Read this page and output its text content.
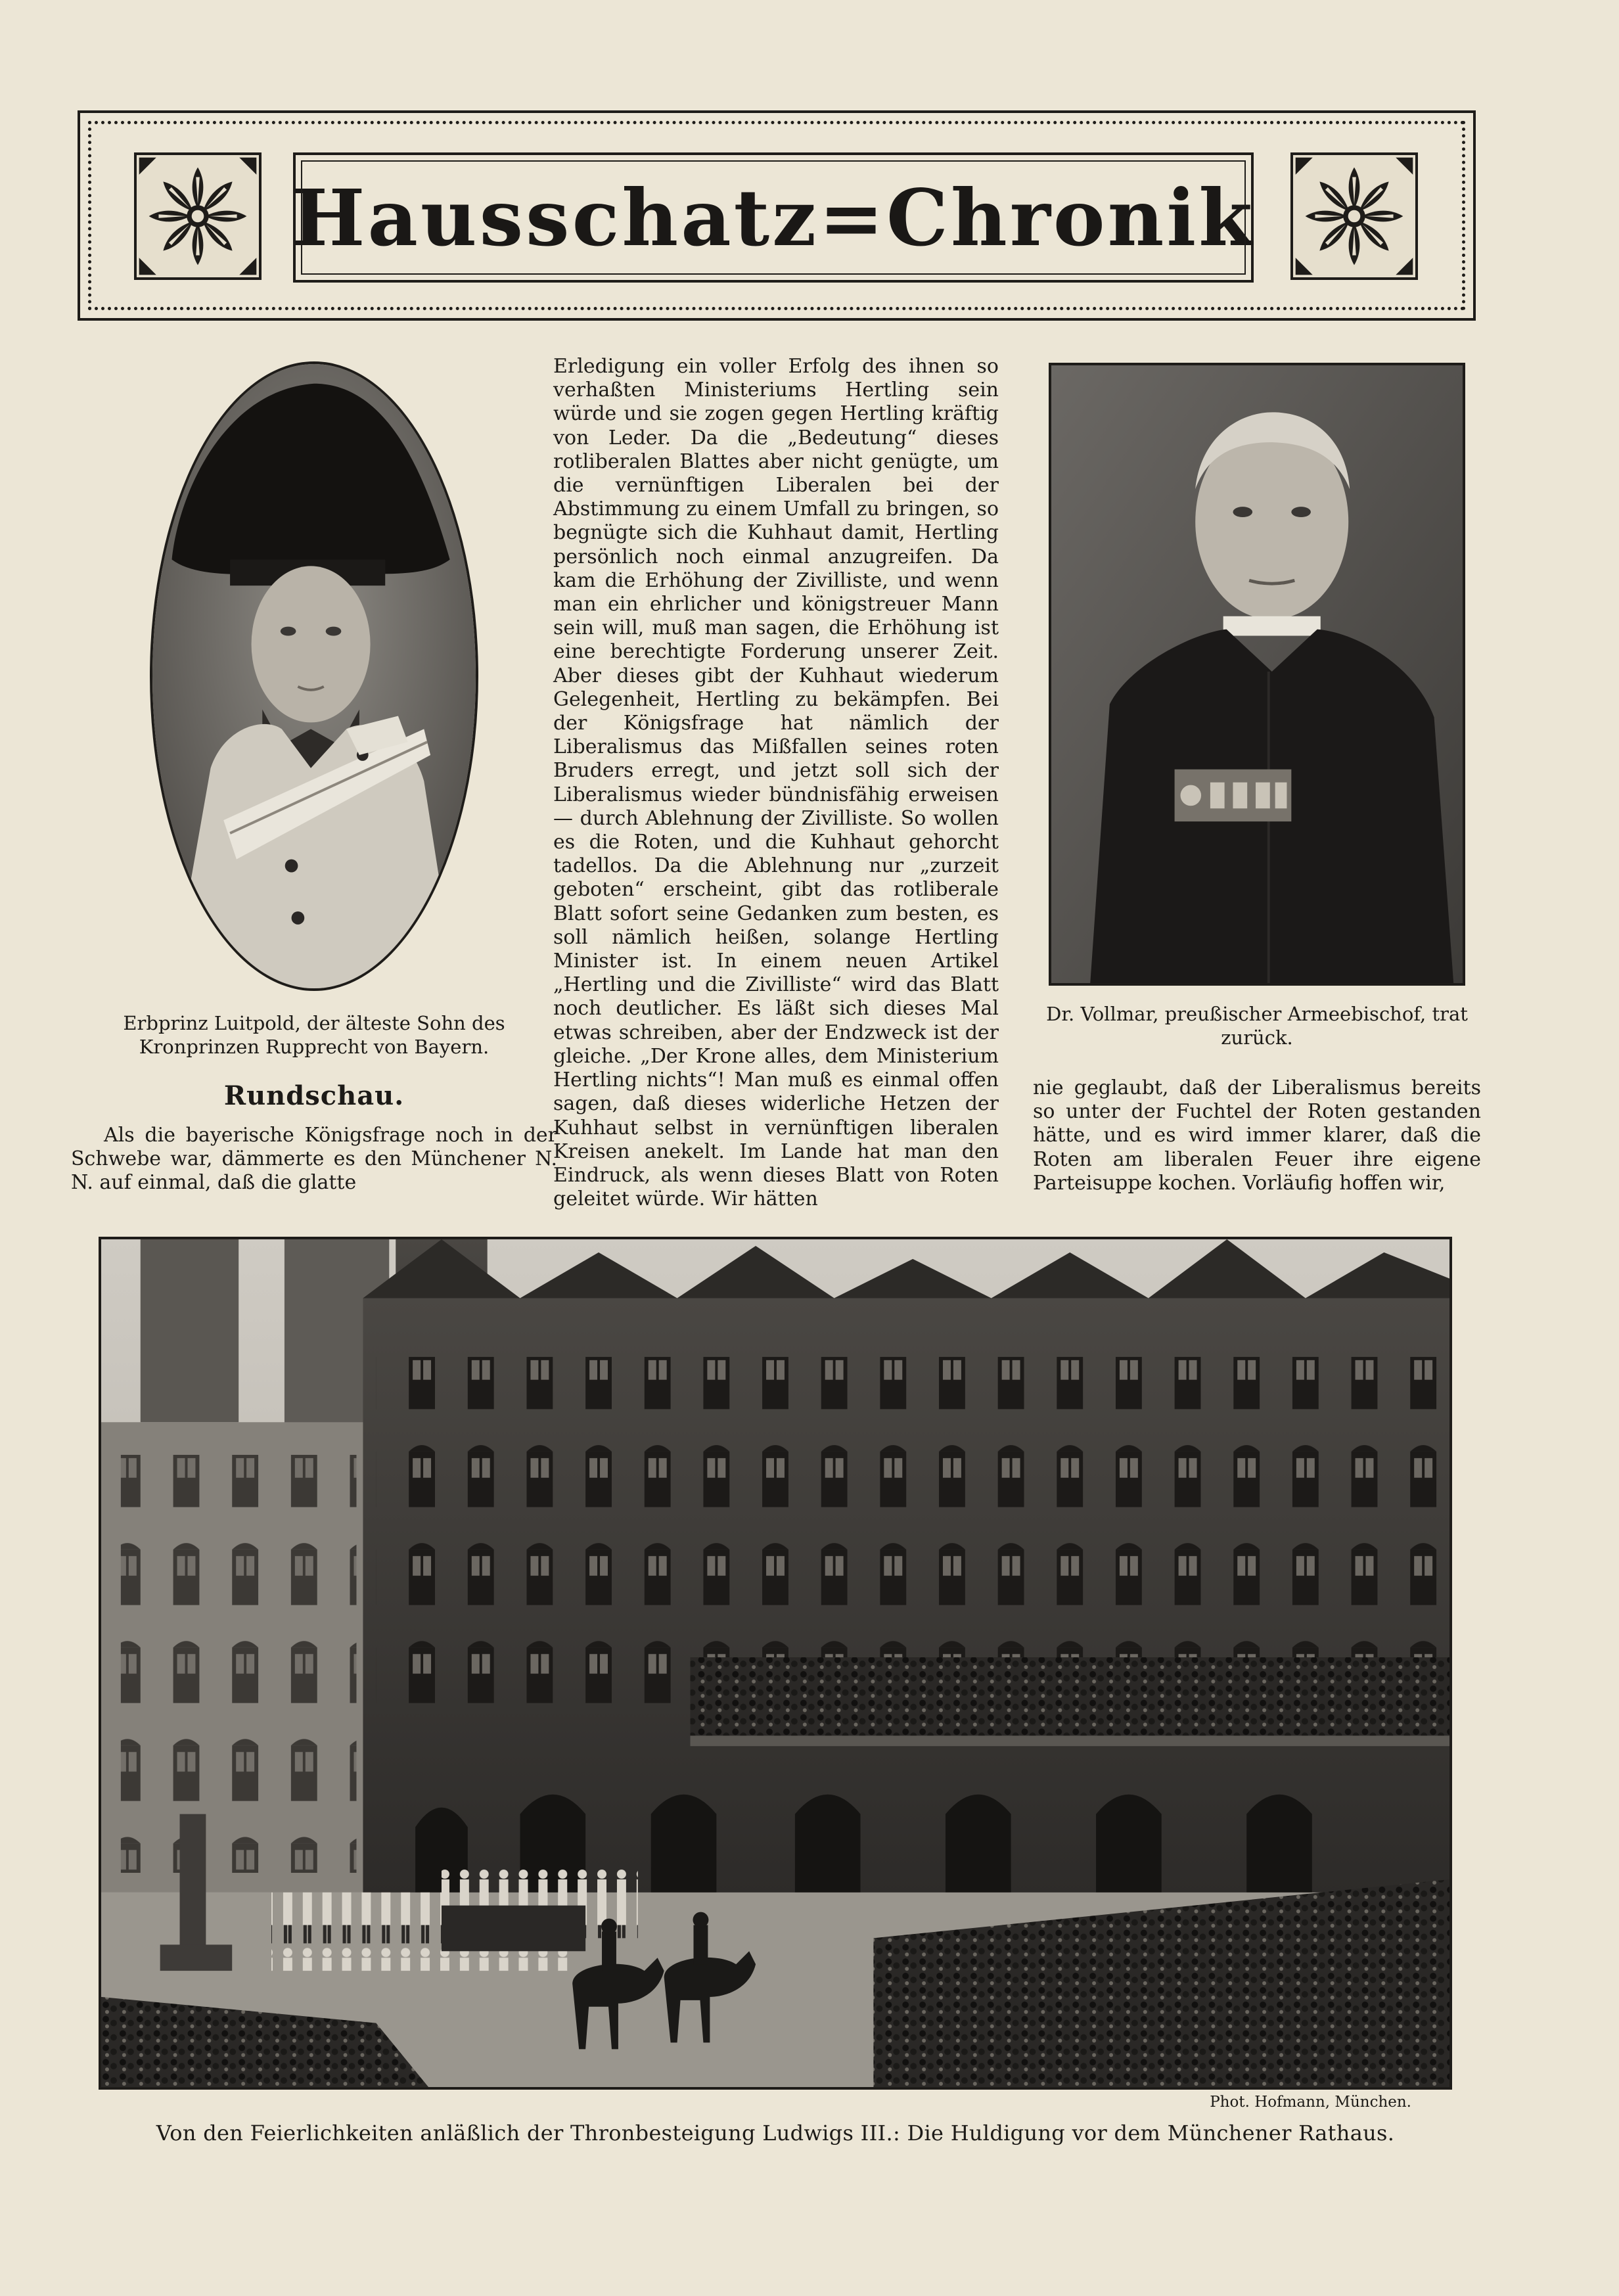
Hausschatz=Chronik
Erbprinz Luitpold, der älteste Sohn des Kronprinzen Rupprecht von Bayern.
Rundschau.
Als die bayerische Königsfrage noch in der Schwebe war, dämmerte es den Münchener N. N. auf einmal, daß die glatte
Erledigung ein voller Erfolg des ihnen so verhaßten Ministeriums Hertling sein würde und sie zogen gegen Hertling kräftig von Leder. Da die „Bedeutung“ dieses rotliberalen Blattes aber nicht genügte, um die vernünftigen Liberalen bei der Abstimmung zu einem Umfall zu bringen, so begnügte sich die Kuhhaut damit, Hertling persönlich noch einmal anzugreifen. Da kam die Erhöhung der Zivilliste, und wenn man ein ehrlicher und königstreuer Mann sein will, muß man sagen, die Erhöhung ist eine berechtigte Forderung unserer Zeit. Aber dieses gibt der Kuhhaut wiederum Gelegenheit, Hertling zu bekämpfen. Bei der Königsfrage hat nämlich der Liberalismus das Mißfallen seines roten Bruders erregt, und jetzt soll sich der Liberalismus wieder bündnisfähig erweisen — durch Ablehnung der Zivilliste. So wollen es die Roten, und die Kuhhaut gehorcht tadellos. Da die Ablehnung nur „zurzeit geboten“ erscheint, gibt das rotliberale Blatt sofort seine Gedanken zum besten, es soll nämlich heißen, solange Hertling Minister ist. In einem neuen Artikel „Hertling und die Zivilliste“ wird das Blatt noch deutlicher. Es läßt sich dieses Mal etwas schreiben, aber der Endzweck ist der gleiche. „Der Krone alles, dem Ministerium Hertling nichts“! Man muß es einmal offen sagen, daß dieses widerliche Hetzen der Kuhhaut selbst in vernünftigen liberalen Kreisen anekelt. Im Lande hat man den Eindruck, als wenn dieses Blatt von Roten geleitet würde. Wir hätten
Dr. Vollmar, preußischer Armeebischof, trat zurück.
nie geglaubt, daß der Liberalismus bereits so unter der Fuchtel der Roten gestanden hätte, und es wird immer klarer, daß die Roten am liberalen Feuer ihre eigene Parteisuppe kochen. Vorläufig hoffen wir,
Phot. Hofmann, München.
Von den Feierlichkeiten anläßlich der Thronbesteigung Ludwigs III.: Die Huldigung vor dem Münchener Rathaus.
